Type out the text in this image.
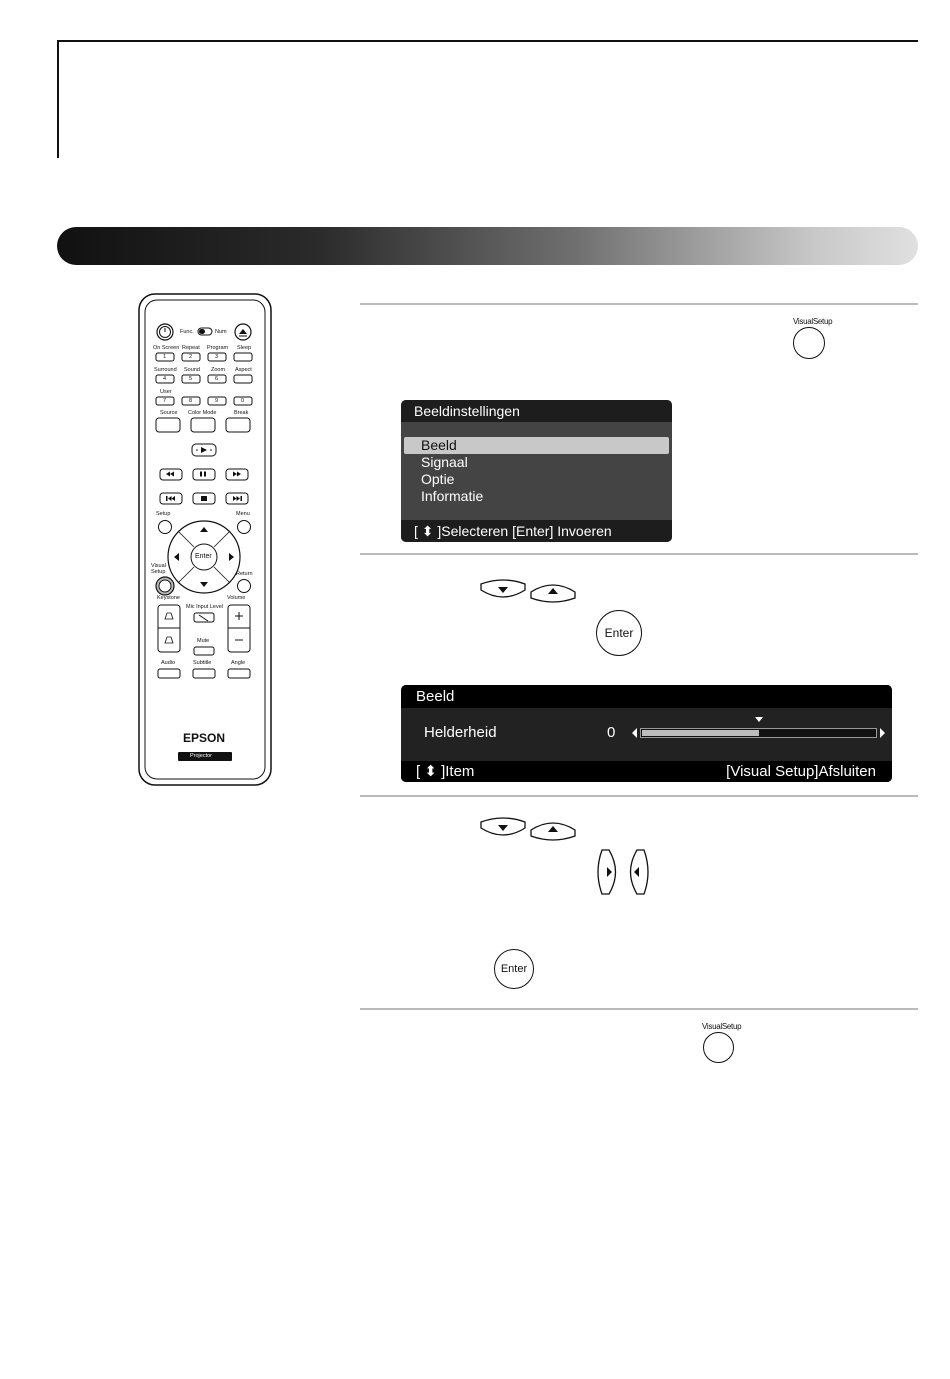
Func.	Num
On Screen Repeat Program Sleep
1	2	3
Surround Sound Zoom Aspect
4	5	6
User
7	8	9	0
Source Color Mode	Break
Setup	Menu
Enter
Visual
Setup	Return
Keystone
Mic Input Level
Volume
Mute
Audio	Subtitle	Angle
EPSON
Projector
VisualSetup
Beeldinstellingen
Beeld
Signaal
Optie
Informatie
[ ⬍ ]Selecteren [Enter] Invoeren
Enter
Beeld
Helderheid	0
[ ⬍ ]Item	[Visual Setup]Afsluiten
Enter
VisualSetup
